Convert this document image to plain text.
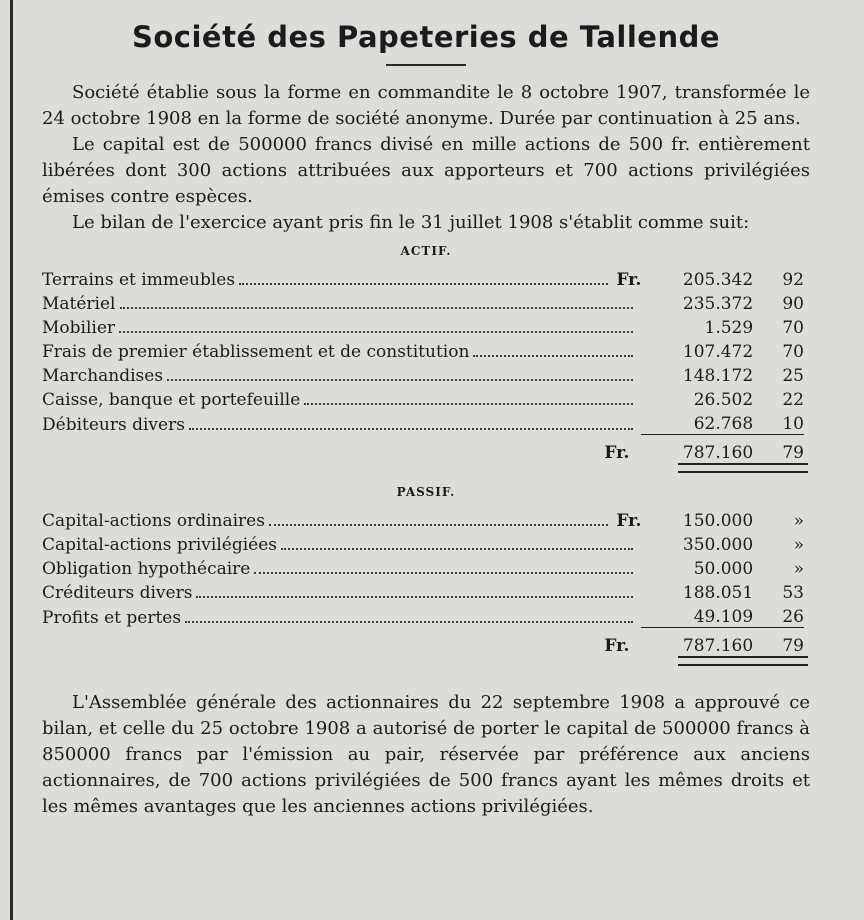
Société des Papeteries de Tallende

Société établie sous la forme en commandite le 8 octobre 1907, transformée le 24 octobre 1908 en la forme de société anonyme. Durée par continuation à 25 ans.

Le capital est de 500000 francs divisé en mille actions de 500 fr. entièrement libérées dont 300 actions attribuées aux apporteurs et 700 actions privilégiées émises contre espèces.

Le bilan de l'exercice ayant pris fin le 31 juillet 1908 s'établit comme suit:

ACTIF.
Terrains et immeubles Fr.	205.342	92

Matériel	235.372	90

Mobilier	1.529	70

Frais de premier établissement et de constitution	107.472	70

Marchandises	148.172	25

Caisse, banque et portefeuille	26.502	22

Débiteurs divers	62.768	10
Fr.	787.160	79
PASSIF.
Capital-actions ordinaires Fr.	150.000	»

Capital-actions privilégiées	350.000	»

Obligation hypothécaire	50.000	»

Créditeurs divers	188.051	53

Profits et pertes	49.109	26
Fr.	787.160	79

L'Assemblée générale des actionnaires du 22 septembre 1908 a approuvé ce bilan, et celle du 25 octobre 1908 a autorisé de porter le capital de 500000 francs à 850000 francs par l'émission au pair, réservée par préférence aux anciens actionnaires, de 700 actions privilégiées de 500 francs ayant les mêmes droits et les mêmes avantages que les anciennes actions privilégiées.
